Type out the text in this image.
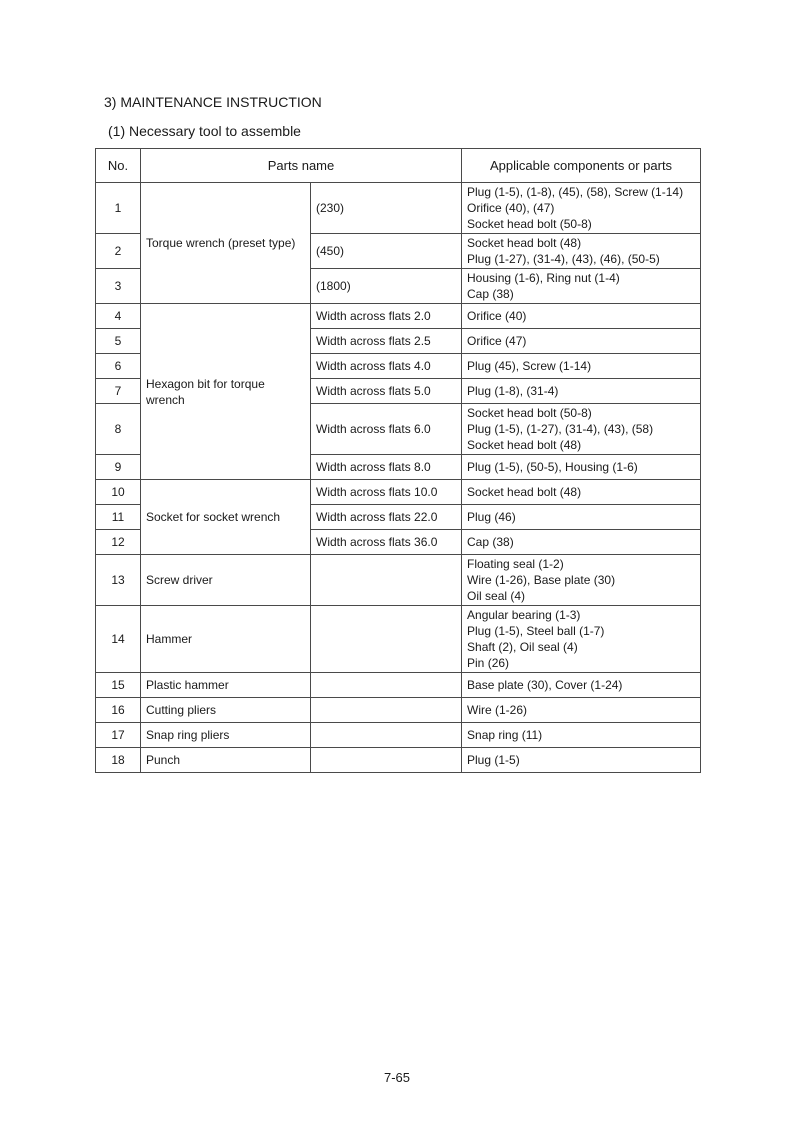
3) MAINTENANCE INSTRUCTION
(1) Necessary tool to assemble
No.	Parts name		Applicable components or parts
1	Torque wrench (preset type)	(230)	Plug (1-5), (1-8), (45), (58), Screw (1-14)
Orifice (40), (47)
Socket head bolt (50-8)

2		(450)	Socket head bolt (48)
Plug (1-27), (31-4), (43), (46), (50-5)

3		(1800)	Housing (1-6), Ring nut (1-4)
Cap (38)

4	Hexagon bit for torque wrench	Width across flats 2.0	Orifice (40)

5		Width across flats 2.5	Orifice (47)

6		Width across flats 4.0	Plug (45), Screw (1-14)

7		Width across flats 5.0	Plug (1-8), (31-4)

8		Width across flats 6.0	Socket head bolt (50-8)
Plug (1-5), (1-27), (31-4), (43), (58)
Socket head bolt (48)

9		Width across flats 8.0	Plug (1-5), (50-5), Housing (1-6)

10	Socket for socket wrench	Width across flats 10.0	Socket head bolt (48)

11		Width across flats 22.0	Plug (46)

12		Width across flats 36.0	Cap (38)

13	Screw driver		Floating seal (1-2)
Wire (1-26), Base plate (30)
Oil seal (4)

14	Hammer		Angular bearing (1-3)
Plug (1-5), Steel ball (1-7)
Shaft (2), Oil seal (4)
Pin (26)

15	Plastic hammer		Base plate (30), Cover (1-24)

16	Cutting pliers		Wire (1-26)

17	Snap ring pliers		Snap ring (11)

18	Punch		Plug (1-5)
7-65
